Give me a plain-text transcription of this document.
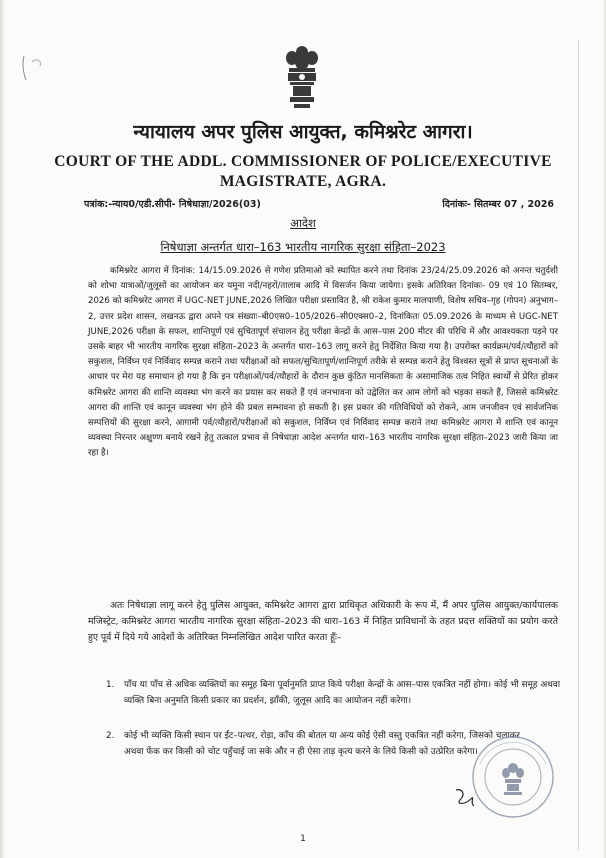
न्यायालय अपर पुलिस आयुक्त, कमिश्नरेट आगरा।
COURT OF THE ADDL. COMMISSIONER OF POLICE/EXECUTIVE
MAGISTRATE, AGRA.
पत्रांक:-न्याय0/एडी.सीपी- निषेधाज्ञा/2026(03)	दिनांकः- सितम्बर 07 , 2026
आदेश
निषेधाज्ञा अन्तर्गत धारा–163 भारतीय नागरिक सुरक्षा संहिता–2023
कमिश्नरेट आगरा में दिनांक: 14/15.09.2026 से गणेश प्रतिमाओ को स्थापित करने तथा दिनांक 23/24/25.09.2026 को अनन्त चतुर्दशी को शोभा यात्राओं/जुलूसों का आयोजन कर यमुना नदी/नहरों/तालाब आदि में विसर्जन किया जायेगा। इसके अतिरिक्त दिनांकः- 09 एवं 10 सितम्बर, 2026 को कमिश्नरेट आगरा में UGC-NET JUNE,2026 लिखित परीक्षा प्रस्तावित है, श्री राकेश कुमार मालपाणी, विशेष सचिव–गृह (गोपन) अनुभाग–2, उत्तर प्रदेश शासन, लखनऊ द्वारा अपने पत्र संख्याः–बी0एस0–105/2026–सी0एक्स0–2, दिनांकितः 05.09.2026 के माध्यम से UGC-NET JUNE,2026 परीक्षा के सफल, शान्तिपूर्ण एवं सुचितापूर्ण संचालन हेतु परीक्षा केन्द्रों के आस–पास 200 मीटर की परिधि में और आवश्यकता पड़ने पर उसके बाहर भी भारतीय नागरिक सुरक्षा संहिता–2023 के अन्तर्गत धारा–163 लागू करने हेतु निर्देशित किया गया है। उपरोक्त कार्यक्रम/पर्व/त्यौहारों को सकुशल, निर्विघ्न एवं निर्विवाद सम्पन्न कराने तथा परीक्षाओं को सफल/सुचितापूर्ण/शान्तिपूर्ण तरीके से सम्पन्न कराने हेतु विश्वस्त सूत्रों से प्राप्त सूचनाओं के आधार पर मेरा यह समाधान हो गया है कि इन परीक्षाओं/पर्व/त्यौहारों के दौरान कुछ कुंठित मानसिकता के असामाजिक तत्व निहित स्वार्थों से प्रेरित होकर कमिश्नरेट आगरा की शान्ति व्यवस्था भंग करने का प्रयास कर सकते हैं एवं जनभावना को उद्वेलित कर आम लोगों को भड़का सकते हैं, जिससे कमिश्नरेट आगरा की शान्ति एवं कानून व्यवस्था भंग होने की प्रबल सम्भावना हो सकती है। इस प्रकार की गतिविधियों को रोकने, आम जनजीवन एवं सार्वजनिक सम्पत्तियों की सुरक्षा करने, आगामी पर्व/त्यौहारों/परीक्षाओं को सकुशल, निर्विघ्न एवं निर्विवाद सम्पन्न कराने तथा कमिश्नरेट आगरा में शान्ति एवं कानून व्यवस्था निरन्तर अक्षुण्ण बनाये रखने हेतु तत्काल प्रभाव से निषेधाज्ञा आदेश अन्तर्गत धारा–163 भारतीय नागरिक सुरक्षा संहिता–2023 जारी किया जा रहा है।
अतः निषेधाज्ञा लागू करने हेतु पुलिस आयुक्त, कमिश्नरेट आगरा द्वारा प्राधिकृत अधिकारी के रूप में, मैं अपर पुलिस आयुक्त/कार्यपालक मजिस्ट्रेट, कमिश्नरेट आगरा भारतीय नागरिक सुरक्षा संहिता–2023 की धारा–163 में निहित प्राविधानों के तहत प्रदत्त शक्तियों का प्रयोग करते हुए पूर्व में दिये गये आदेशों के अतिरिक्त निम्नलिखित आदेश पारित करता हूँः–
1. पाँच या पाँच से अधिक व्यक्तियों का समूह बिना पूर्वानुमति प्राप्त किये परीक्षा केन्द्रों के आस–पास एकत्रित नहीं होगा। कोई भी समूह अथवा व्यक्ति बिना अनुमति किसी प्रकार का प्रदर्शन, झाँकी, जुलूस आदि का आयोजन नहीं करेगा।
2. कोई भी व्यक्ति किसी स्थान पर ईंट–पत्थर, रोड़ा, काँच की बोतल या अन्य कोई ऐसी वस्तु एकत्रित नहीं करेगा, जिसको चलाकर अथवा फेंक कर किसी को चोट पहुँचाई जा सके और न ही ऐसा ताड़ कृत्य करने के लिये किसी को उत्प्रेरित करेगा।
1
